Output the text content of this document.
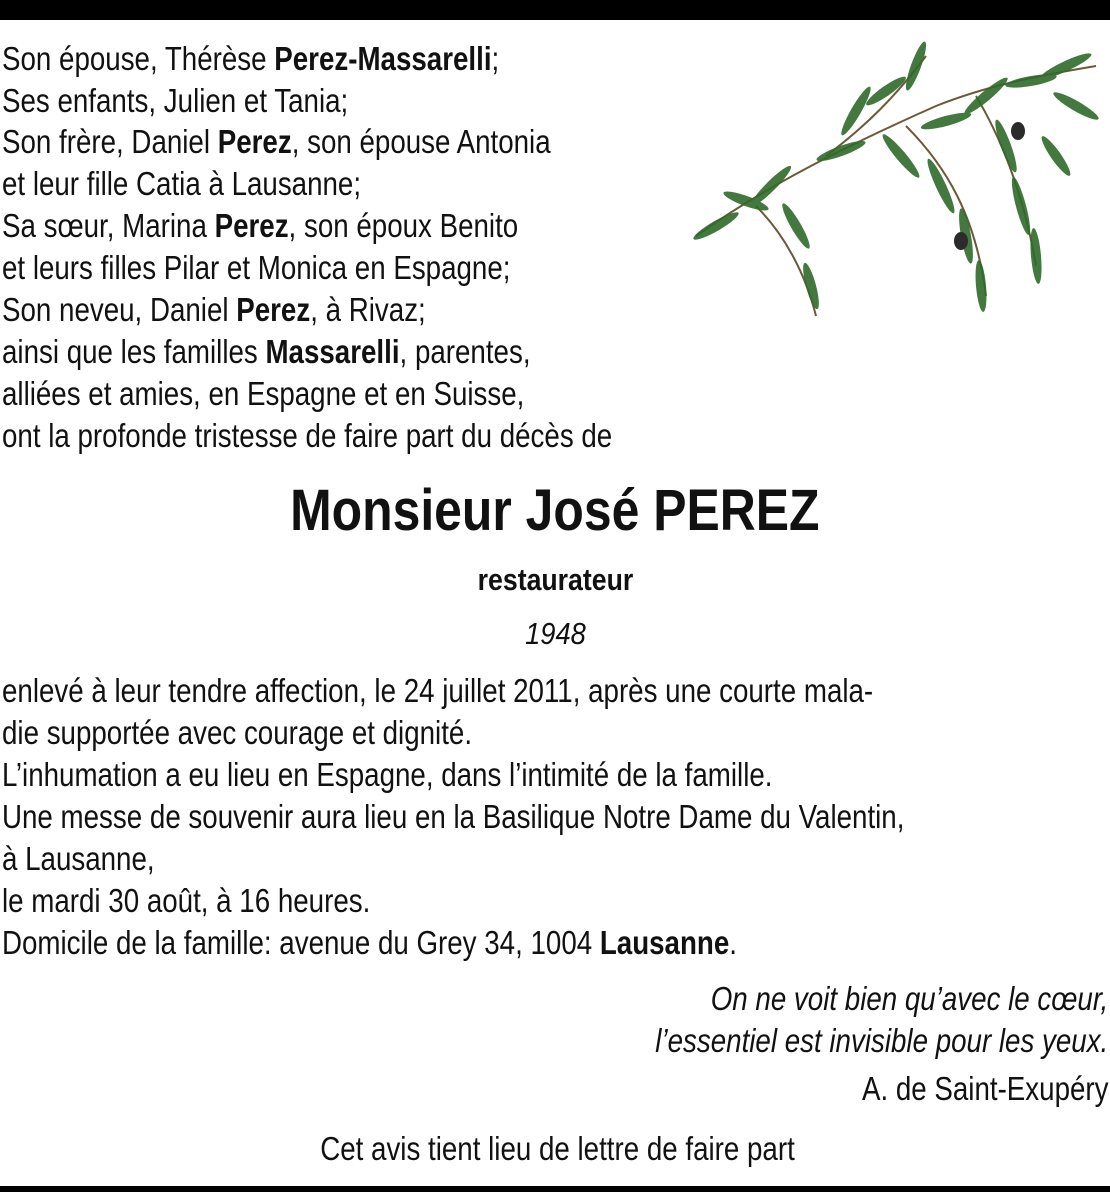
Son épouse, Thérèse Perez-Massarelli;
Ses enfants, Julien et Tania;
Son frère, Daniel Perez, son épouse Antonia
et leur fille Catia à Lausanne;
Sa sœur, Marina Perez, son époux Benito
et leurs filles Pilar et Monica en Espagne;
Son neveu, Daniel Perez, à Rivaz;
ainsi que les familles Massarelli, parentes,
alliées et amies, en Espagne et en Suisse,
ont la profonde tristesse de faire part du décès de
Monsieur José PEREZ
restaurateur
1948
enlevé à leur tendre affection, le 24 juillet 2011, après une courte mala-
die supportée avec courage et dignité.
L’inhumation a eu lieu en Espagne, dans l’intimité de la famille.
Une messe de souvenir aura lieu en la Basilique Notre Dame du Valentin,
à Lausanne,
le mardi 30 août, à 16 heures.
Domicile de la famille: avenue du Grey 34, 1004 Lausanne.
On ne voit bien qu’avec le cœur,
l’essentiel est invisible pour les yeux.
A. de Saint-Exupéry
Cet avis tient lieu de lettre de faire part
